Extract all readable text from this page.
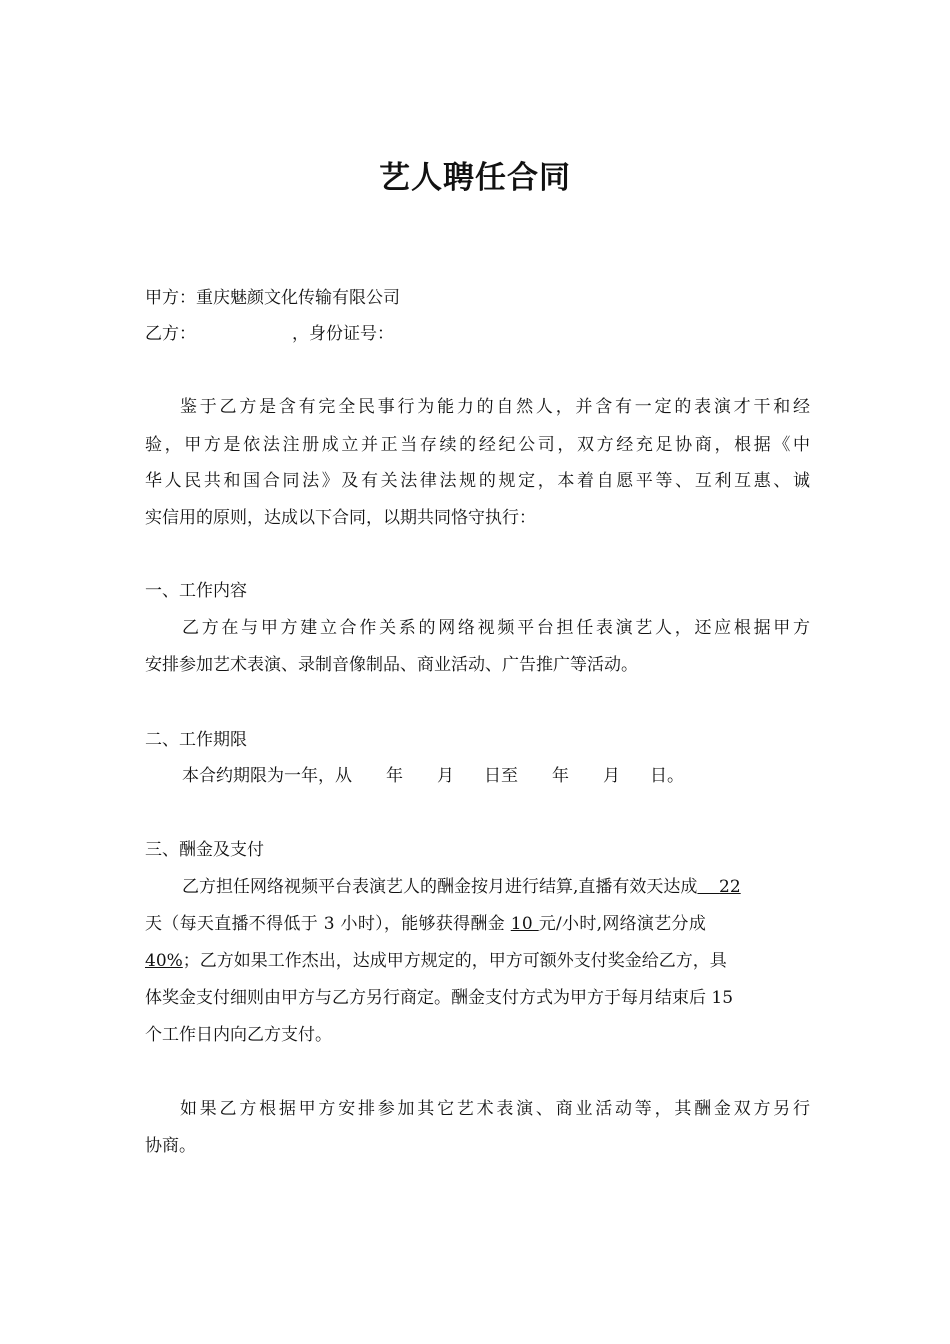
艺人聘任合同
甲方：重庆魅颜文化传输有限公司
乙方：	，身份证号：
鉴于乙方是含有完全民事行为能力的自然人，并含有一定的表演才干和经
验，甲方是依法注册成立并正当存续的经纪公司，双方经充足协商，根据《中
华人民共和国合同法》及有关法律法规的规定，本着自愿平等、互利互惠、诚
实信用的原则，达成以下合同，以期共同恪守执行：
一、工作内容
乙方在与甲方建立合作关系的网络视频平台担任表演艺人，还应根据甲方
安排参加艺术表演、录制音像制品、商业活动、广告推广等活动。
二、工作期限
本合约期限为一年，从 年 月 日至 年 月 日。
三、酬金及支付
乙方担任网络视频平台表演艺人的酬金按月进行结算,直播有效天达成 22
天（每天直播不得低于 3 小时），能够获得酬金 10 元/小时,网络演艺分成
40%；乙方如果工作杰出，达成甲方规定的，甲方可额外支付奖金给乙方，具
体奖金支付细则由甲方与乙方另行商定。酬金支付方式为甲方于每月结束后 15
个工作日内向乙方支付。
如果乙方根据甲方安排参加其它艺术表演、商业活动等，其酬金双方另行
协商。
